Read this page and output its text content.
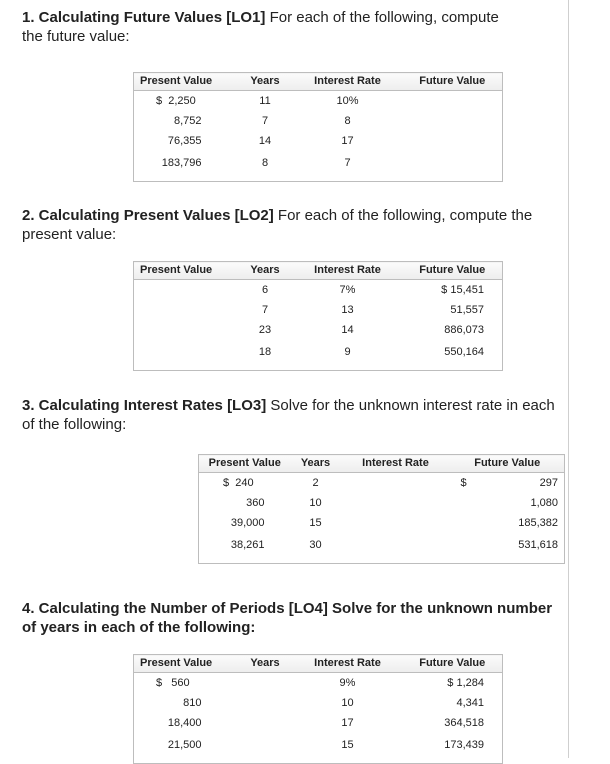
1. Calculating Future Values [LO1] For each of the following, compute the future value:
Present Value	Years	Interest Rate	Future Value
$ 2,250	11	10%	
8,752	7	8	
76,355	14	17	
183,796	8	7	
2. Calculating Present Values [LO2] For each of the following, compute the present value:
Present Value	Years	Interest Rate	Future Value
	6	7%	$ 15,451
	7	13	51,557
	23	14	886,073
	18	9	550,164
3. Calculating Interest Rates [LO3] Solve for the unknown interest rate in each of the following:
Present Value	Years	Interest Rate	Future Value
$ 240	2		$ 297
360	10		1,080
39,000	15		185,382
38,261	30		531,618
4. Calculating the Number of Periods [LO4] Solve for the unknown number of years in each of the following:
Present Value	Years	Interest Rate	Future Value
$ 560		9%	$ 1,284
810		10	4,341
18,400		17	364,518
21,500		15	173,439
